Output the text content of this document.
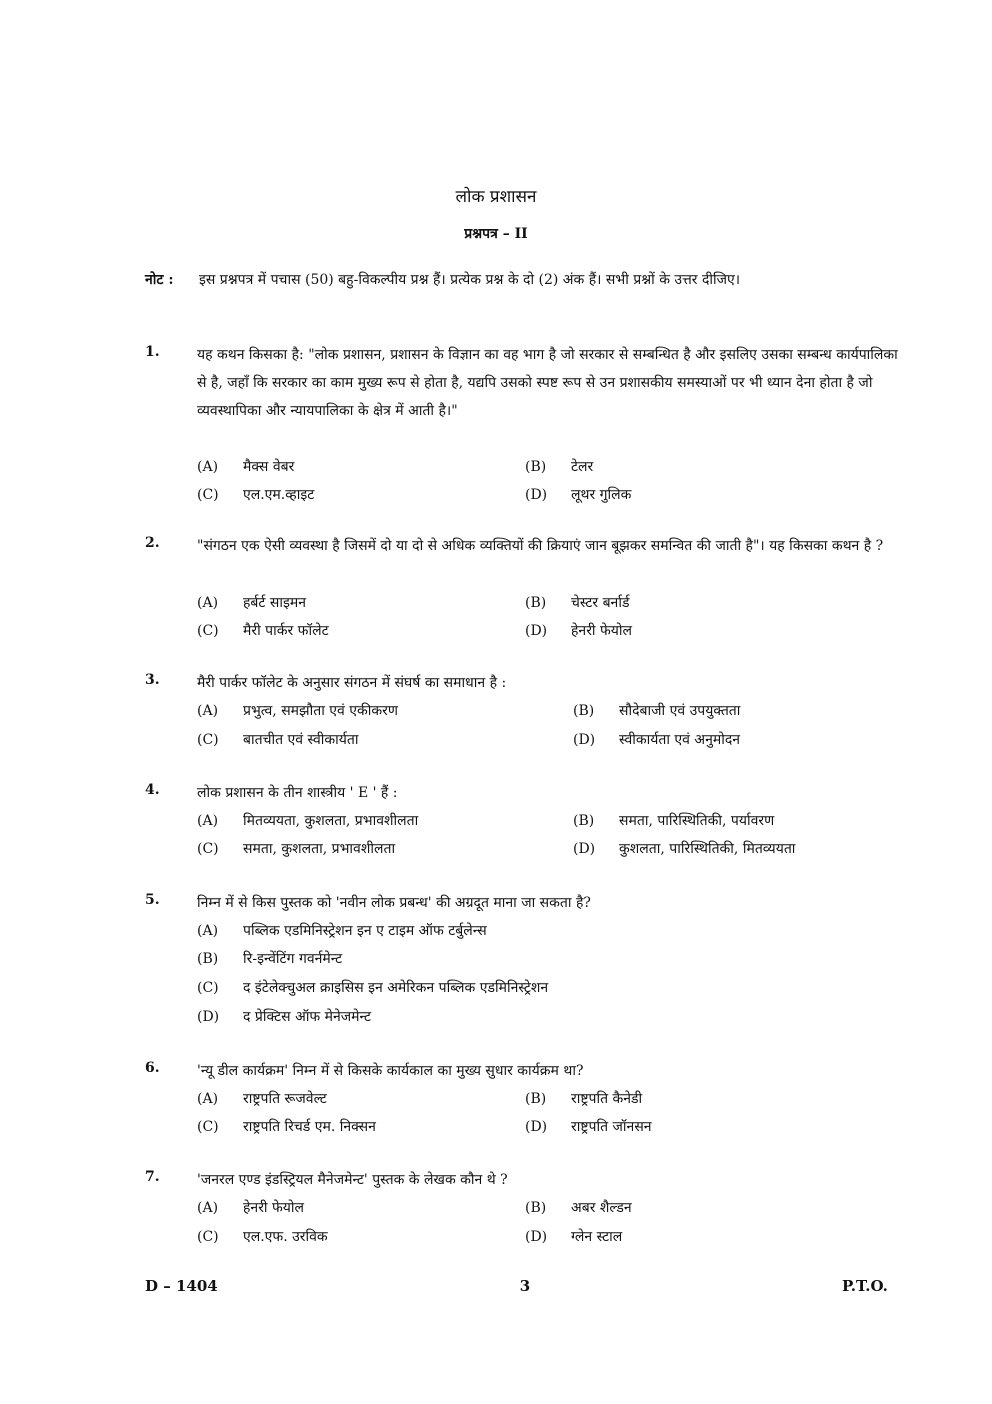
लोक प्रशासन
प्रश्नपत्र – II
नोट : इस प्रश्नपत्र में पचास (50) बहु-विकल्पीय प्रश्न हैं। प्रत्येक प्रश्न के दो (2) अंक हैं। सभी प्रश्नों के उत्तर दीजिए।
1.	यह कथन किसका है: "लोक प्रशासन, प्रशासन के विज्ञान का वह भाग है जो सरकार से सम्बन्धित है और इसलिए उसका सम्बन्ध कार्यपालिका से है, जहाँ कि सरकार का काम मुख्य रूप से होता है, यद्यपि उसको स्पष्ट रूप से उन प्रशासकीय समस्याओं पर भी ध्यान देना होता है जो व्यवस्थापिका और न्यायपालिका के क्षेत्र में आती है।"
(A) मैक्स वेबर	(B) टेलर
(C) एल.एम.व्हाइट	(D) लूथर गुलिक
2.	"संगठन एक ऐसी व्यवस्था है जिसमें दो या दो से अधिक व्यक्तियों की क्रियाएं जान बूझकर समन्वित की जाती है"। यह किसका कथन है ?
(A) हर्बर्ट साइमन	(B) चेस्टर बर्नार्ड
(C) मैरी पार्कर फॉलेट	(D) हेनरी फेयोल
3.	मैरी पार्कर फॉलेट के अनुसार संगठन में संघर्ष का समाधान है :
(A) प्रभुत्व, समझौता एवं एकीकरण	(B) सौदेबाजी एवं उपयुक्तता
(C) बातचीत एवं स्वीकार्यता	(D) स्वीकार्यता एवं अनुमोदन
4.	लोक प्रशासन के तीन शास्त्रीय ' E ' हैं :
(A) मितव्ययता, कुशलता, प्रभावशीलता	(B) समता, पारिस्थितिकी, पर्यावरण
(C) समता, कुशलता, प्रभावशीलता	(D) कुशलता, पारिस्थितिकी, मितव्ययता
5.	निम्न में से किस पुस्तक को 'नवीन लोक प्रबन्ध' की अग्रदूत माना जा सकता है?
(A) पब्लिक एडमिनिस्ट्रेशन इन ए टाइम ऑफ टर्बुलेन्स
(B) रि-इन्वेंटिंग गवर्नमेन्ट
(C) द इंटेलेक्चुअल क्राइसिस इन अमेरिकन पब्लिक एडमिनिस्ट्रेशन
(D) द प्रेक्टिस ऑफ मेनेजमेन्ट
6.	'न्यू डील कार्यक्रम' निम्न में से किसके कार्यकाल का मुख्य सुधार कार्यक्रम था?
(A) राष्ट्रपति रूजवेल्ट	(B) राष्ट्रपति कैनेडी
(C) राष्ट्रपति रिचर्ड एम. निक्सन	(D) राष्ट्रपति जॉनसन
7.	'जनरल एण्ड इंडस्ट्रियल मैनेजमेन्ट' पुस्तक के लेखक कौन थे ?
(A) हेनरी फेयोल	(B) अबर शैल्डन
(C) एल.एफ. उरविक	(D) ग्लेन स्टाल
D – 1404	3	P.T.O.
